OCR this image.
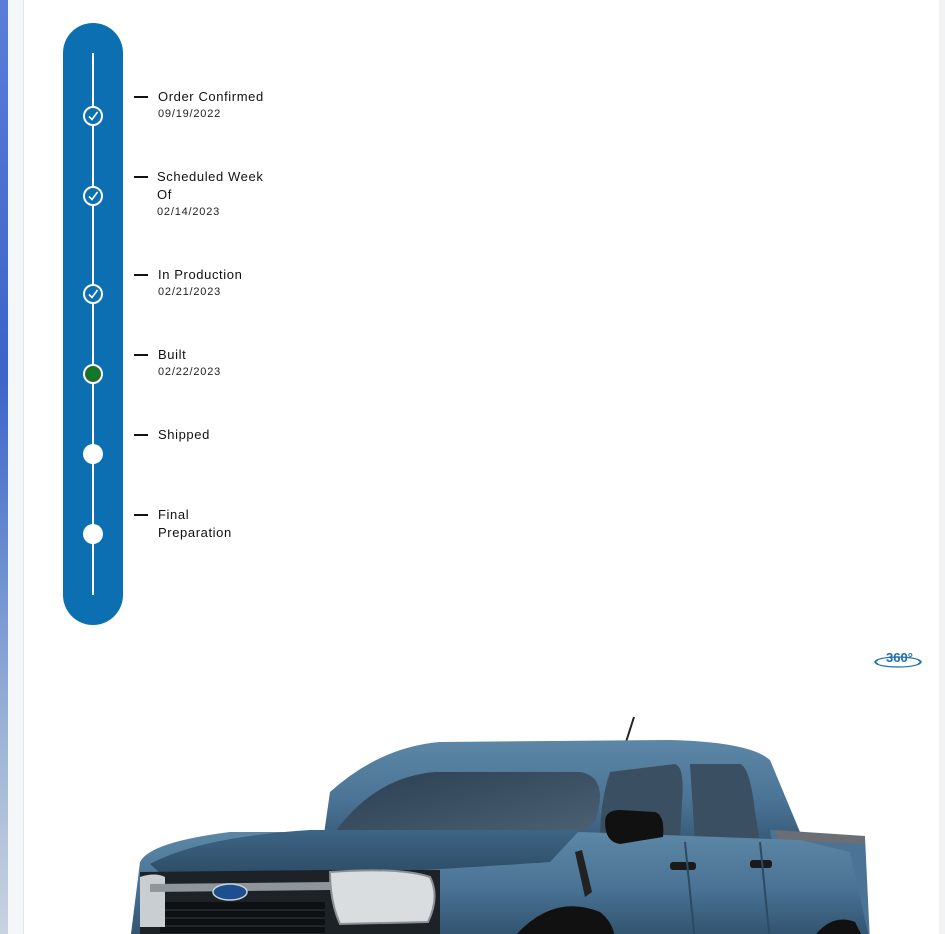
Order Confirmed
09/19/2022
Scheduled Week Of
02/14/2023
In Production
02/21/2023
Built
02/22/2023
Shipped
Final Preparation
360°
